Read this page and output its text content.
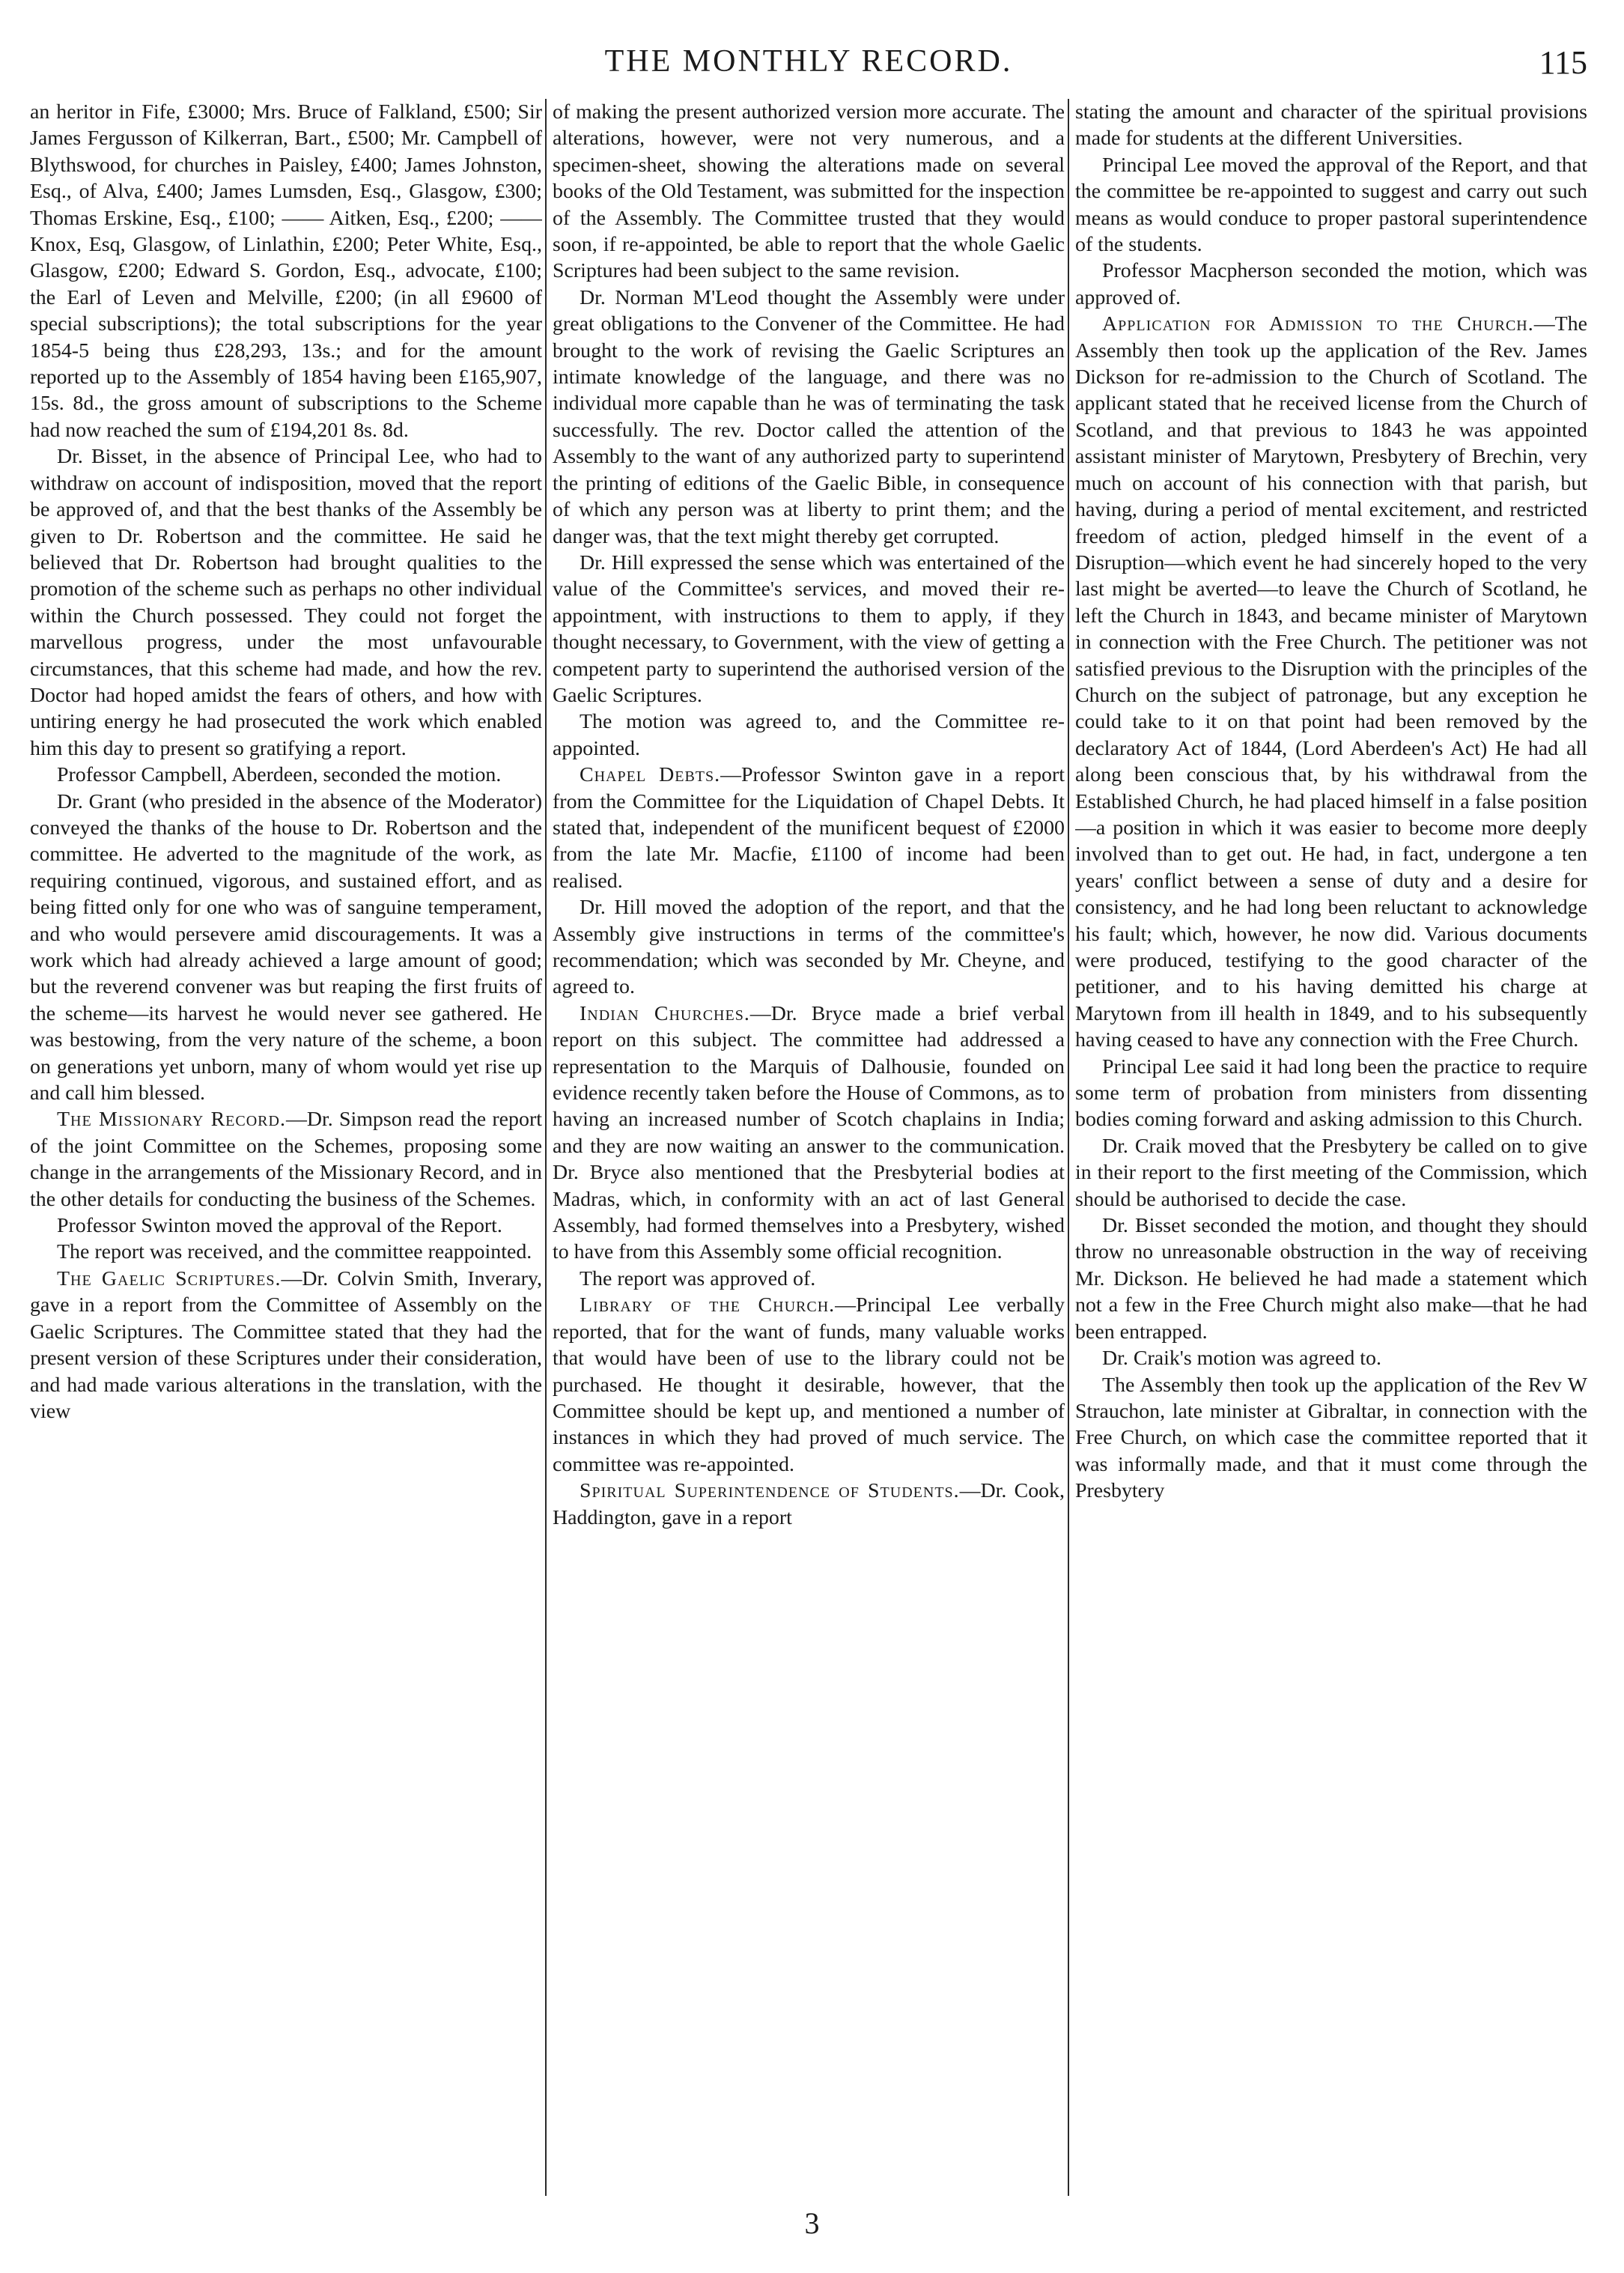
THE MONTHLY RECORD.	115

an heritor in Fife, £3000; Mrs. Bruce of Falkland, £500; Sir James Fergusson of Kilkerran, Bart., £500; Mr. Campbell of Blythswood, for churches in Paisley, £400; James Johnston, Esq., of Alva, £400; James Lumsden, Esq., Glasgow, £300; Thomas Erskine, Esq., £100; —— Aitken, Esq., £200; —— Knox, Esq, Glasgow, of Linlathin, £200; Peter White, Esq., Glasgow, £200; Edward S. Gordon, Esq., advocate, £100; the Earl of Leven and Melville, £200; (in all £9600 of special subscriptions); the total subscriptions for the year 1854-5 being thus £28,293, 13s.; and for the amount reported up to the Assembly of 1854 having been £165,907, 15s. 8d., the gross amount of subscriptions to the Scheme had now reached the sum of £194,201 8s. 8d.

Dr. Bisset, in the absence of Principal Lee, who had to withdraw on account of indisposition, moved that the report be approved of, and that the best thanks of the Assembly be given to Dr. Robertson and the committee. He said he believed that Dr. Robertson had brought qualities to the promotion of the scheme such as perhaps no other individual within the Church possessed. They could not forget the marvellous progress, under the most unfavourable circumstances, that this scheme had made, and how the rev. Doctor had hoped amidst the fears of others, and how with untiring energy he had prosecuted the work which enabled him this day to present so gratifying a report.

Professor Campbell, Aberdeen, seconded the motion.

Dr. Grant (who presided in the absence of the Moderator) conveyed the thanks of the house to Dr. Robertson and the committee. He adverted to the magnitude of the work, as requiring continued, vigorous, and sustained effort, and as being fitted only for one who was of sanguine temperament, and who would persevere amid discouragements. It was a work which had already achieved a large amount of good; but the reverend convener was but reaping the first fruits of the scheme—its harvest he would never see gathered. He was bestowing, from the very nature of the scheme, a boon on generations yet unborn, many of whom would yet rise up and call him blessed.

The Missionary Record.—Dr. Simpson read the report of the joint Committee on the Schemes, proposing some change in the arrangements of the Missionary Record, and in the other details for conducting the business of the Schemes.

Professor Swinton moved the approval of the Report.

The report was received, and the committee reappointed.

The Gaelic Scriptures.—Dr. Colvin Smith, Inverary, gave in a report from the Committee of Assembly on the Gaelic Scriptures. The Committee stated that they had the present version of these Scriptures under their consideration, and had made various alterations in the translation, with the view

of making the present authorized version more accurate. The alterations, however, were not very numerous, and a specimen-sheet, showing the alterations made on several books of the Old Testament, was submitted for the inspection of the Assembly. The Committee trusted that they would soon, if re-appointed, be able to report that the whole Gaelic Scriptures had been subject to the same revision.

Dr. Norman M'Leod thought the Assembly were under great obligations to the Convener of the Committee. He had brought to the work of revising the Gaelic Scriptures an intimate knowledge of the language, and there was no individual more capable than he was of terminating the task successfully. The rev. Doctor called the attention of the Assembly to the want of any authorized party to superintend the printing of editions of the Gaelic Bible, in consequence of which any person was at liberty to print them; and the danger was, that the text might thereby get corrupted.

Dr. Hill expressed the sense which was entertained of the value of the Committee's services, and moved their re-appointment, with instructions to them to apply, if they thought necessary, to Government, with the view of getting a competent party to superintend the authorised version of the Gaelic Scriptures.

The motion was agreed to, and the Committee re-appointed.

Chapel Debts.—Professor Swinton gave in a report from the Committee for the Liquidation of Chapel Debts. It stated that, independent of the munificent bequest of £2000 from the late Mr. Macfie, £1100 of income had been realised.

Dr. Hill moved the adoption of the report, and that the Assembly give instructions in terms of the committee's recommendation; which was seconded by Mr. Cheyne, and agreed to.

Indian Churches.—Dr. Bryce made a brief verbal report on this subject. The committee had addressed a representation to the Marquis of Dalhousie, founded on evidence recently taken before the House of Commons, as to having an increased number of Scotch chaplains in India; and they are now waiting an answer to the communication. Dr. Bryce also mentioned that the Presbyterial bodies at Madras, which, in conformity with an act of last General Assembly, had formed themselves into a Presbytery, wished to have from this Assembly some official recognition.

The report was approved of.

Library of the Church.—Principal Lee verbally reported, that for the want of funds, many valuable works that would have been of use to the library could not be purchased. He thought it desirable, however, that the Committee should be kept up, and mentioned a number of instances in which they had proved of much service. The committee was re-appointed.

Spiritual Superintendence of Students.—Dr. Cook, Haddington, gave in a report

stating the amount and character of the spiritual provisions made for students at the different Universities.

Principal Lee moved the approval of the Report, and that the committee be re-appointed to suggest and carry out such means as would conduce to proper pastoral superintendence of the students.

Professor Macpherson seconded the motion, which was approved of.

Application for Admission to the Church.—The Assembly then took up the application of the Rev. James Dickson for re-admission to the Church of Scotland. The applicant stated that he received license from the Church of Scotland, and that previous to 1843 he was appointed assistant minister of Marytown, Presbytery of Brechin, very much on account of his connection with that parish, but having, during a period of mental excitement, and restricted freedom of action, pledged himself in the event of a Disruption—which event he had sincerely hoped to the very last might be averted—to leave the Church of Scotland, he left the Church in 1843, and became minister of Marytown in connection with the Free Church. The petitioner was not satisfied previous to the Disruption with the principles of the Church on the subject of patronage, but any exception he could take to it on that point had been removed by the declaratory Act of 1844, (Lord Aberdeen's Act) He had all along been conscious that, by his withdrawal from the Established Church, he had placed himself in a false position—a position in which it was easier to become more deeply involved than to get out. He had, in fact, undergone a ten years' conflict between a sense of duty and a desire for consistency, and he had long been reluctant to acknowledge his fault; which, however, he now did. Various documents were produced, testifying to the good character of the petitioner, and to his having demitted his charge at Marytown from ill health in 1849, and to his subsequently having ceased to have any connection with the Free Church.

Principal Lee said it had long been the practice to require some term of probation from ministers from dissenting bodies coming forward and asking admission to this Church.

Dr. Craik moved that the Presbytery be called on to give in their report to the first meeting of the Commission, which should be authorised to decide the case.

Dr. Bisset seconded the motion, and thought they should throw no unreasonable obstruction in the way of receiving Mr. Dickson. He believed he had made a statement which not a few in the Free Church might also make—that he had been entrapped.

Dr. Craik's motion was agreed to.

The Assembly then took up the application of the Rev W Strauchon, late minister at Gibraltar, in connection with the Free Church, on which case the committee reported that it was informally made, and that it must come through the Presbytery

3
